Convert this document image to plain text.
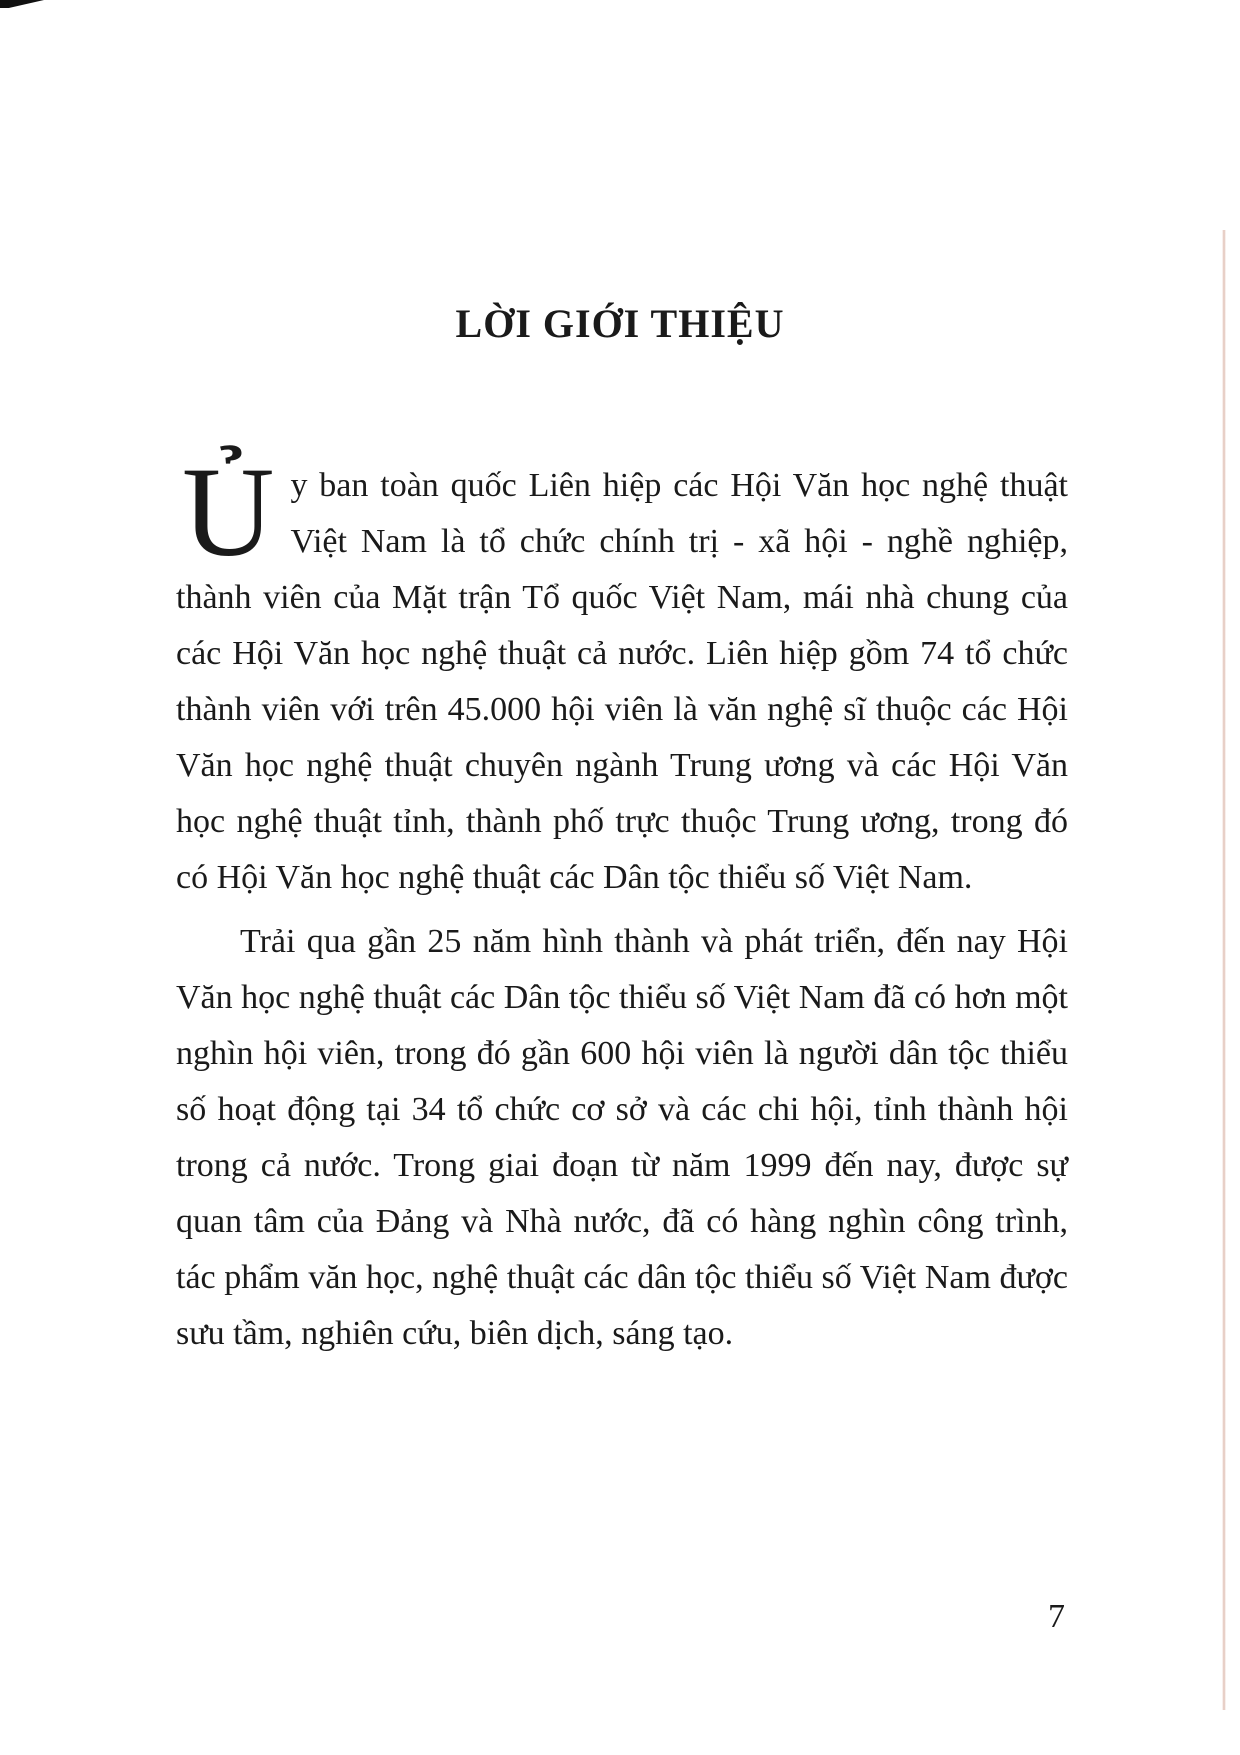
LỜI GIỚI THIỆU

Ủy ban toàn quốc Liên hiệp các Hội Văn học nghệ thuật Việt Nam là tổ chức chính trị - xã hội - nghề nghiệp, thành viên của Mặt trận Tổ quốc Việt Nam, mái nhà chung của các Hội Văn học nghệ thuật cả nước. Liên hiệp gồm 74 tổ chức thành viên với trên 45.000 hội viên là văn nghệ sĩ thuộc các Hội Văn học nghệ thuật chuyên ngành Trung ương và các Hội Văn học nghệ thuật tỉnh, thành phố trực thuộc Trung ương, trong đó có Hội Văn học nghệ thuật các Dân tộc thiểu số Việt Nam.

Trải qua gần 25 năm hình thành và phát triển, đến nay Hội Văn học nghệ thuật các Dân tộc thiểu số Việt Nam đã có hơn một nghìn hội viên, trong đó gần 600 hội viên là người dân tộc thiểu số hoạt động tại 34 tổ chức cơ sở và các chi hội, tỉnh thành hội trong cả nước. Trong giai đoạn từ năm 1999 đến nay, được sự quan tâm của Đảng và Nhà nước, đã có hàng nghìn công trình, tác phẩm văn học, nghệ thuật các dân tộc thiểu số Việt Nam được sưu tầm, nghiên cứu, biên dịch, sáng tạo.

7
